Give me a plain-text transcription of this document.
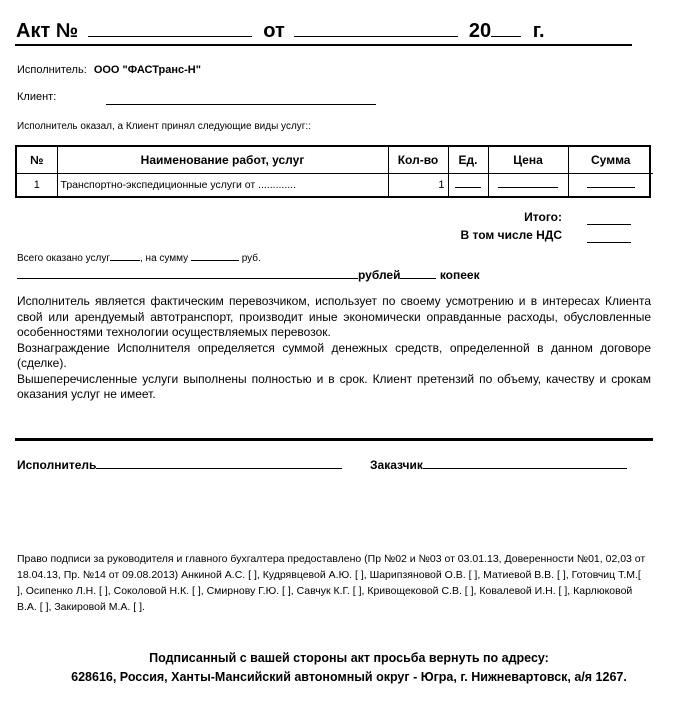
Акт №	от	20 г.
Исполнитель: ООО "ФАСТранс-Н"
Клиент:
Исполнитель оказал, а Клиент принял следующие виды услуг::
№	Наименование работ, услуг	Кол-во	Ед.	Цена	Сумма
1	Транспортно-экспедиционные услуги от .............	1			
Итого:
В том числе НДС
Всего оказано услуг	, на сумму	руб.
рублей	копеек

Исполнитель является фактическим перевозчиком, использует по своему усмотрению и в интересах Клиента свой или арендуемый автотранспорт, производит иные экономически оправданные расходы, обусловленные особенностями технологии осуществляемых перевозок.

Вознаграждение Исполнителя определяется суммой денежных средств, определенной в данном договоре (сделке).

Вышеперечисленные услуги выполнены полностью и в срок. Клиент претензий по объему, качеству и срокам оказания услуг не имеет.

Исполнитель	Заказчик
Право подписи за руководителя и главного бухгалтера предоставлено (Пр №02 и №03 от 03.01.13, Доверенности №01, 02,03 от 18.04.13, Пр. №14 от 09.08.2013) Анкиной А.С. [ ], Кудрявцевой А.Ю. [ ], Шарипзяновой О.В. [ ], Матиевой В.В. [ ], Готовчиц Т.М.[ ], Осипенко Л.Н. [ ], Соколовой Н.К. [ ], Смирнову Г.Ю. [ ], Савчук К.Г. [ ], Кривощековой С.В. [ ], Ковалевой И.Н. [ ], Карлюковой В.А. [ ], Закировой М.А. [ ].
Подписанный с вашей стороны акт просьба вернуть по адресу:
628616, Россия, Ханты-Мансийский автономный округ - Югра, г. Нижневартовск, а/я 1267.
